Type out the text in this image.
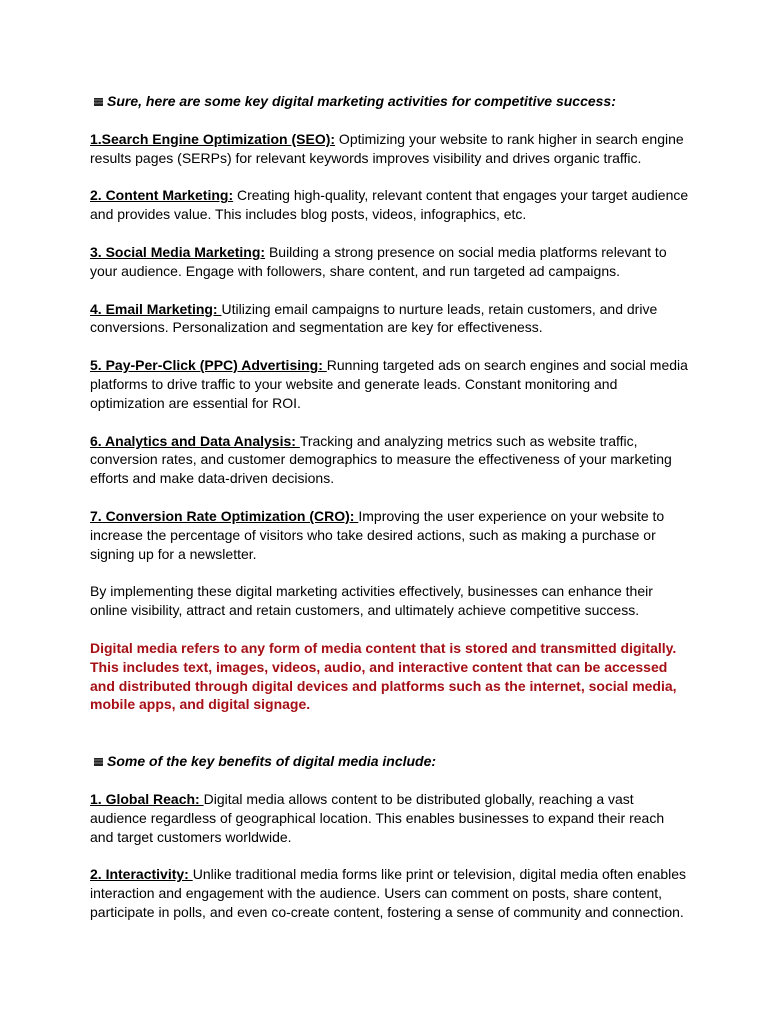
Sure, here are some key digital marketing activities for competitive success:

1.Search Engine Optimization (SEO): Optimizing your website to rank higher in search engine results pages (SERPs) for relevant keywords improves visibility and drives organic traffic.

2. Content Marketing: Creating high-quality, relevant content that engages your target audience and provides value. This includes blog posts, videos, infographics, etc.

3. Social Media Marketing: Building a strong presence on social media platforms relevant to your audience. Engage with followers, share content, and run targeted ad campaigns.

4. Email Marketing: Utilizing email campaigns to nurture leads, retain customers, and drive conversions. Personalization and segmentation are key for effectiveness.

5. Pay-Per-Click (PPC) Advertising: Running targeted ads on search engines and social media platforms to drive traffic to your website and generate leads. Constant monitoring and optimization are essential for ROI.

6. Analytics and Data Analysis: Tracking and analyzing metrics such as website traffic, conversion rates, and customer demographics to measure the effectiveness of your marketing efforts and make data-driven decisions.

7. Conversion Rate Optimization (CRO): Improving the user experience on your website to increase the percentage of visitors who take desired actions, such as making a purchase or signing up for a newsletter.

By implementing these digital marketing activities effectively, businesses can enhance their online visibility, attract and retain customers, and ultimately achieve competitive success.

Digital media refers to any form of media content that is stored and transmitted digitally. This includes text, images, videos, audio, and interactive content that can be accessed and distributed through digital devices and platforms such as the internet, social media, mobile apps, and digital signage.

Some of the key benefits of digital media include:

1. Global Reach: Digital media allows content to be distributed globally, reaching a vast audience regardless of geographical location. This enables businesses to expand their reach and target customers worldwide.

2. Interactivity: Unlike traditional media forms like print or television, digital media often enables interaction and engagement with the audience. Users can comment on posts, share content, participate in polls, and even co-create content, fostering a sense of community and connection.
